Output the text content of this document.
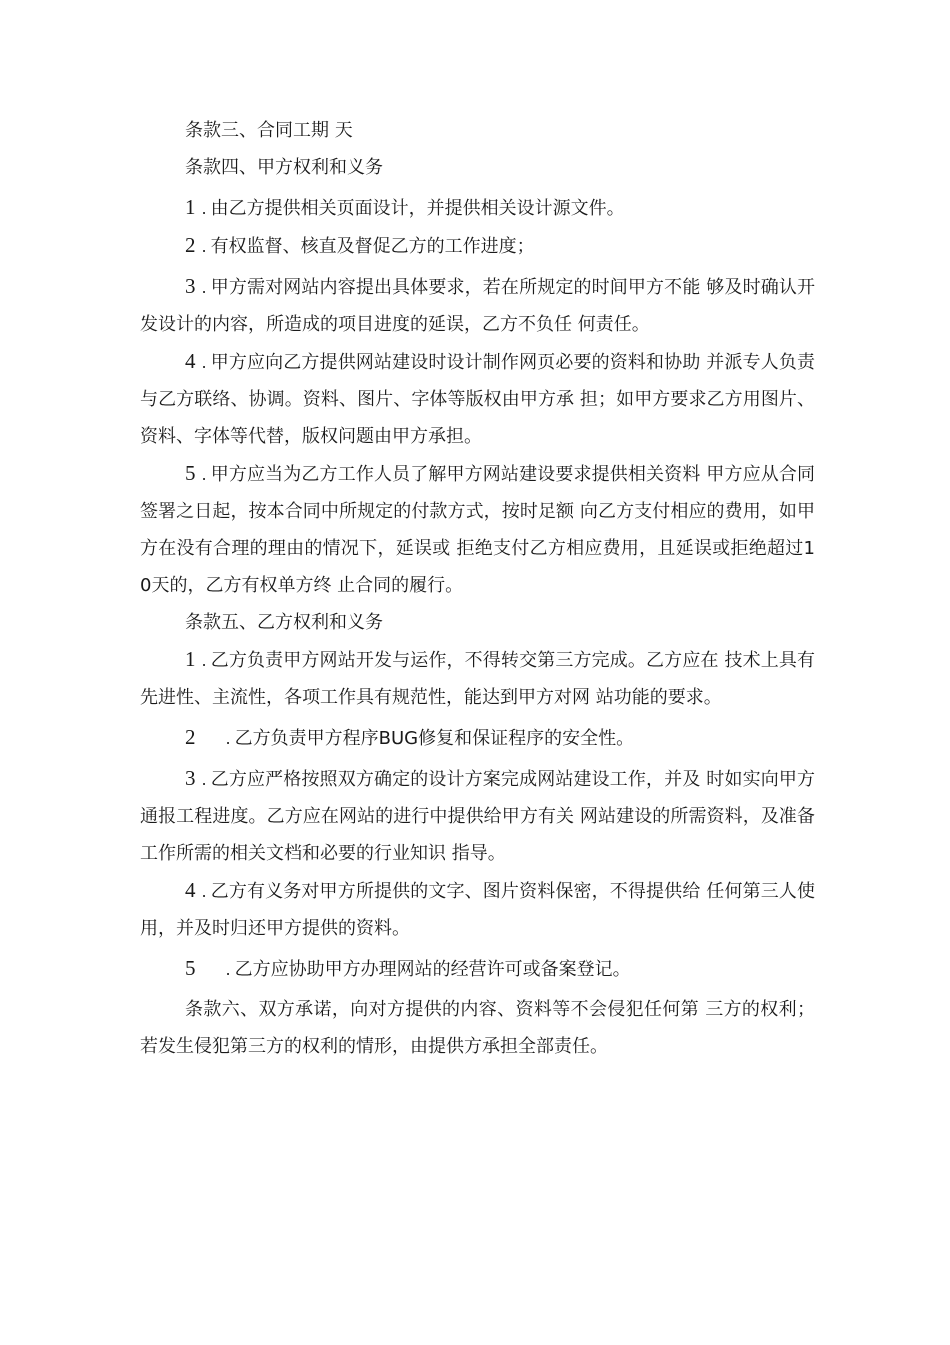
条款三、合同工期 天

条款四、甲方权利和义务

1 . 由乙方提供相关页面设计，并提供相关设计源文件。

2 . 有权监督、核直及督促乙方的工作进度；

3 . 甲方需对网站内容提出具体要求，若在所规定的时间甲方不能 够及时确认开发设计的内容，所造成的项目进度的延误，乙方不负任 何责任。

4 . 甲方应向乙方提供网站建设时设计制作网页必要的资料和协助 并派专人负责与乙方联络、协调。资料、图片、字体等版权由甲方承 担；如甲方要求乙方用图片、资料、字体等代替，版权问题由甲方承担。

5 . 甲方应当为乙方工作人员了解甲方网站建设要求提供相关资料 甲方应从合同签署之日起，按本合同中所规定的付款方式，按时足额 向乙方支付相应的费用，如甲方在没有合理的理由的情况下，延误或 拒绝支付乙方相应费用，且延误或拒绝超过10天的，乙方有权单方终 止合同的履行。

条款五、乙方权利和义务

1 . 乙方负责甲方网站开发与运作，不得转交第三方完成。乙方应在 技术上具有先进性、主流性，各项工作具有规范性，能达到甲方对网 站功能的要求。

2 . 乙方负责甲方程序BUG修复和保证程序的安全性。

3 . 乙方应严格按照双方确定的设计方案完成网站建设工作，并及 时如实向甲方通报工程进度。乙方应在网站的进行中提供给甲方有关 网站建设的所需资料，及准备工作所需的相关文档和必要的行业知识 指导。

4 . 乙方有义务对甲方所提供的文字、图片资料保密，不得提供给 任何第三人使用，并及时归还甲方提供的资料。

5 . 乙方应协助甲方办理网站的经营许可或备案登记。

条款六、双方承诺，向对方提供的内容、资料等不会侵犯任何第 三方的权利；若发生侵犯第三方的权利的情形，由提供方承担全部责任。
